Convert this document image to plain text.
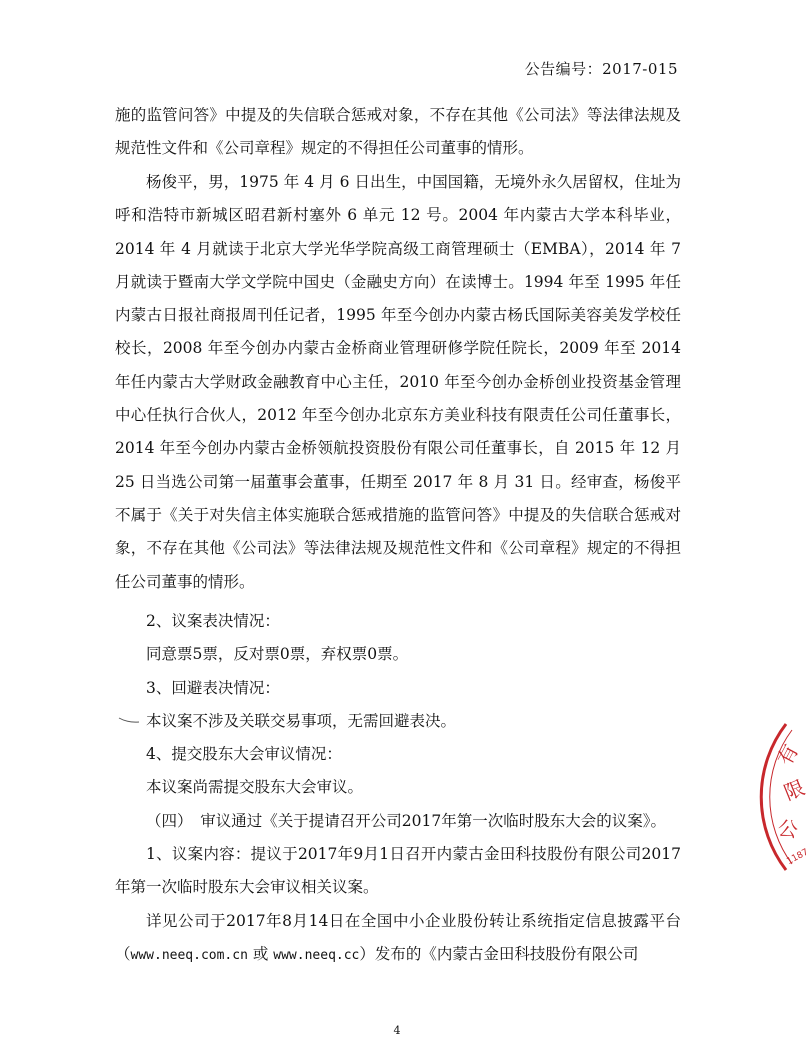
公告编号：2017-015

施的监管问答》中提及的失信联合惩戒对象，不存在其他《公司法》等法律法规及规范性文件和《公司章程》规定的不得担任公司董事的情形。

杨俊平，男，1975 年 4 月 6 日出生，中国国籍，无境外永久居留权，住址为呼和浩特市新城区昭君新村塞外 6 单元 12 号。2004 年内蒙古大学本科毕业，2014 年 4 月就读于北京大学光华学院高级工商管理硕士（EMBA），2014 年 7 月就读于暨南大学文学院中国史（金融史方向）在读博士。1994 年至 1995 年任内蒙古日报社商报周刊任记者，1995 年至今创办内蒙古杨氏国际美容美发学校任校长，2008 年至今创办内蒙古金桥商业管理研修学院任院长，2009 年至 2014 年任内蒙古大学财政金融教育中心主任，2010 年至今创办金桥创业投资基金管理中心任执行合伙人，2012 年至今创办北京东方美业科技有限责任公司任董事长，2014 年至今创办内蒙古金桥领航投资股份有限公司任董事长，自 2015 年 12 月 25 日当选公司第一届董事会董事，任期至 2017 年 8 月 31 日。经审查，杨俊平不属于《关于对失信主体实施联合惩戒措施的监管问答》中提及的失信联合惩戒对象，不存在其他《公司法》等法律法规及规范性文件和《公司章程》规定的不得担任公司董事的情形。

2、议案表决情况：

同意票5票，反对票0票，弃权票0票。

3、回避表决情况：

本议案不涉及关联交易事项，无需回避表决。

4、提交股东大会审议情况：

本议案尚需提交股东大会审议。

（四）　审议通过《关于提请召开公司2017年第一次临时股东大会的议案》。

1、议案内容：提议于2017年9月1日召开内蒙古金田科技股份有限公司2017年第一次临时股东大会审议相关议案。

详见公司于2017年8月14日在全国中小企业股份转让系统指定信息披露平台（www.neeq.com.cn 或 www.neeq.cc）发布的《内蒙古金田科技股份有限公司

有
限
公
1187
4
